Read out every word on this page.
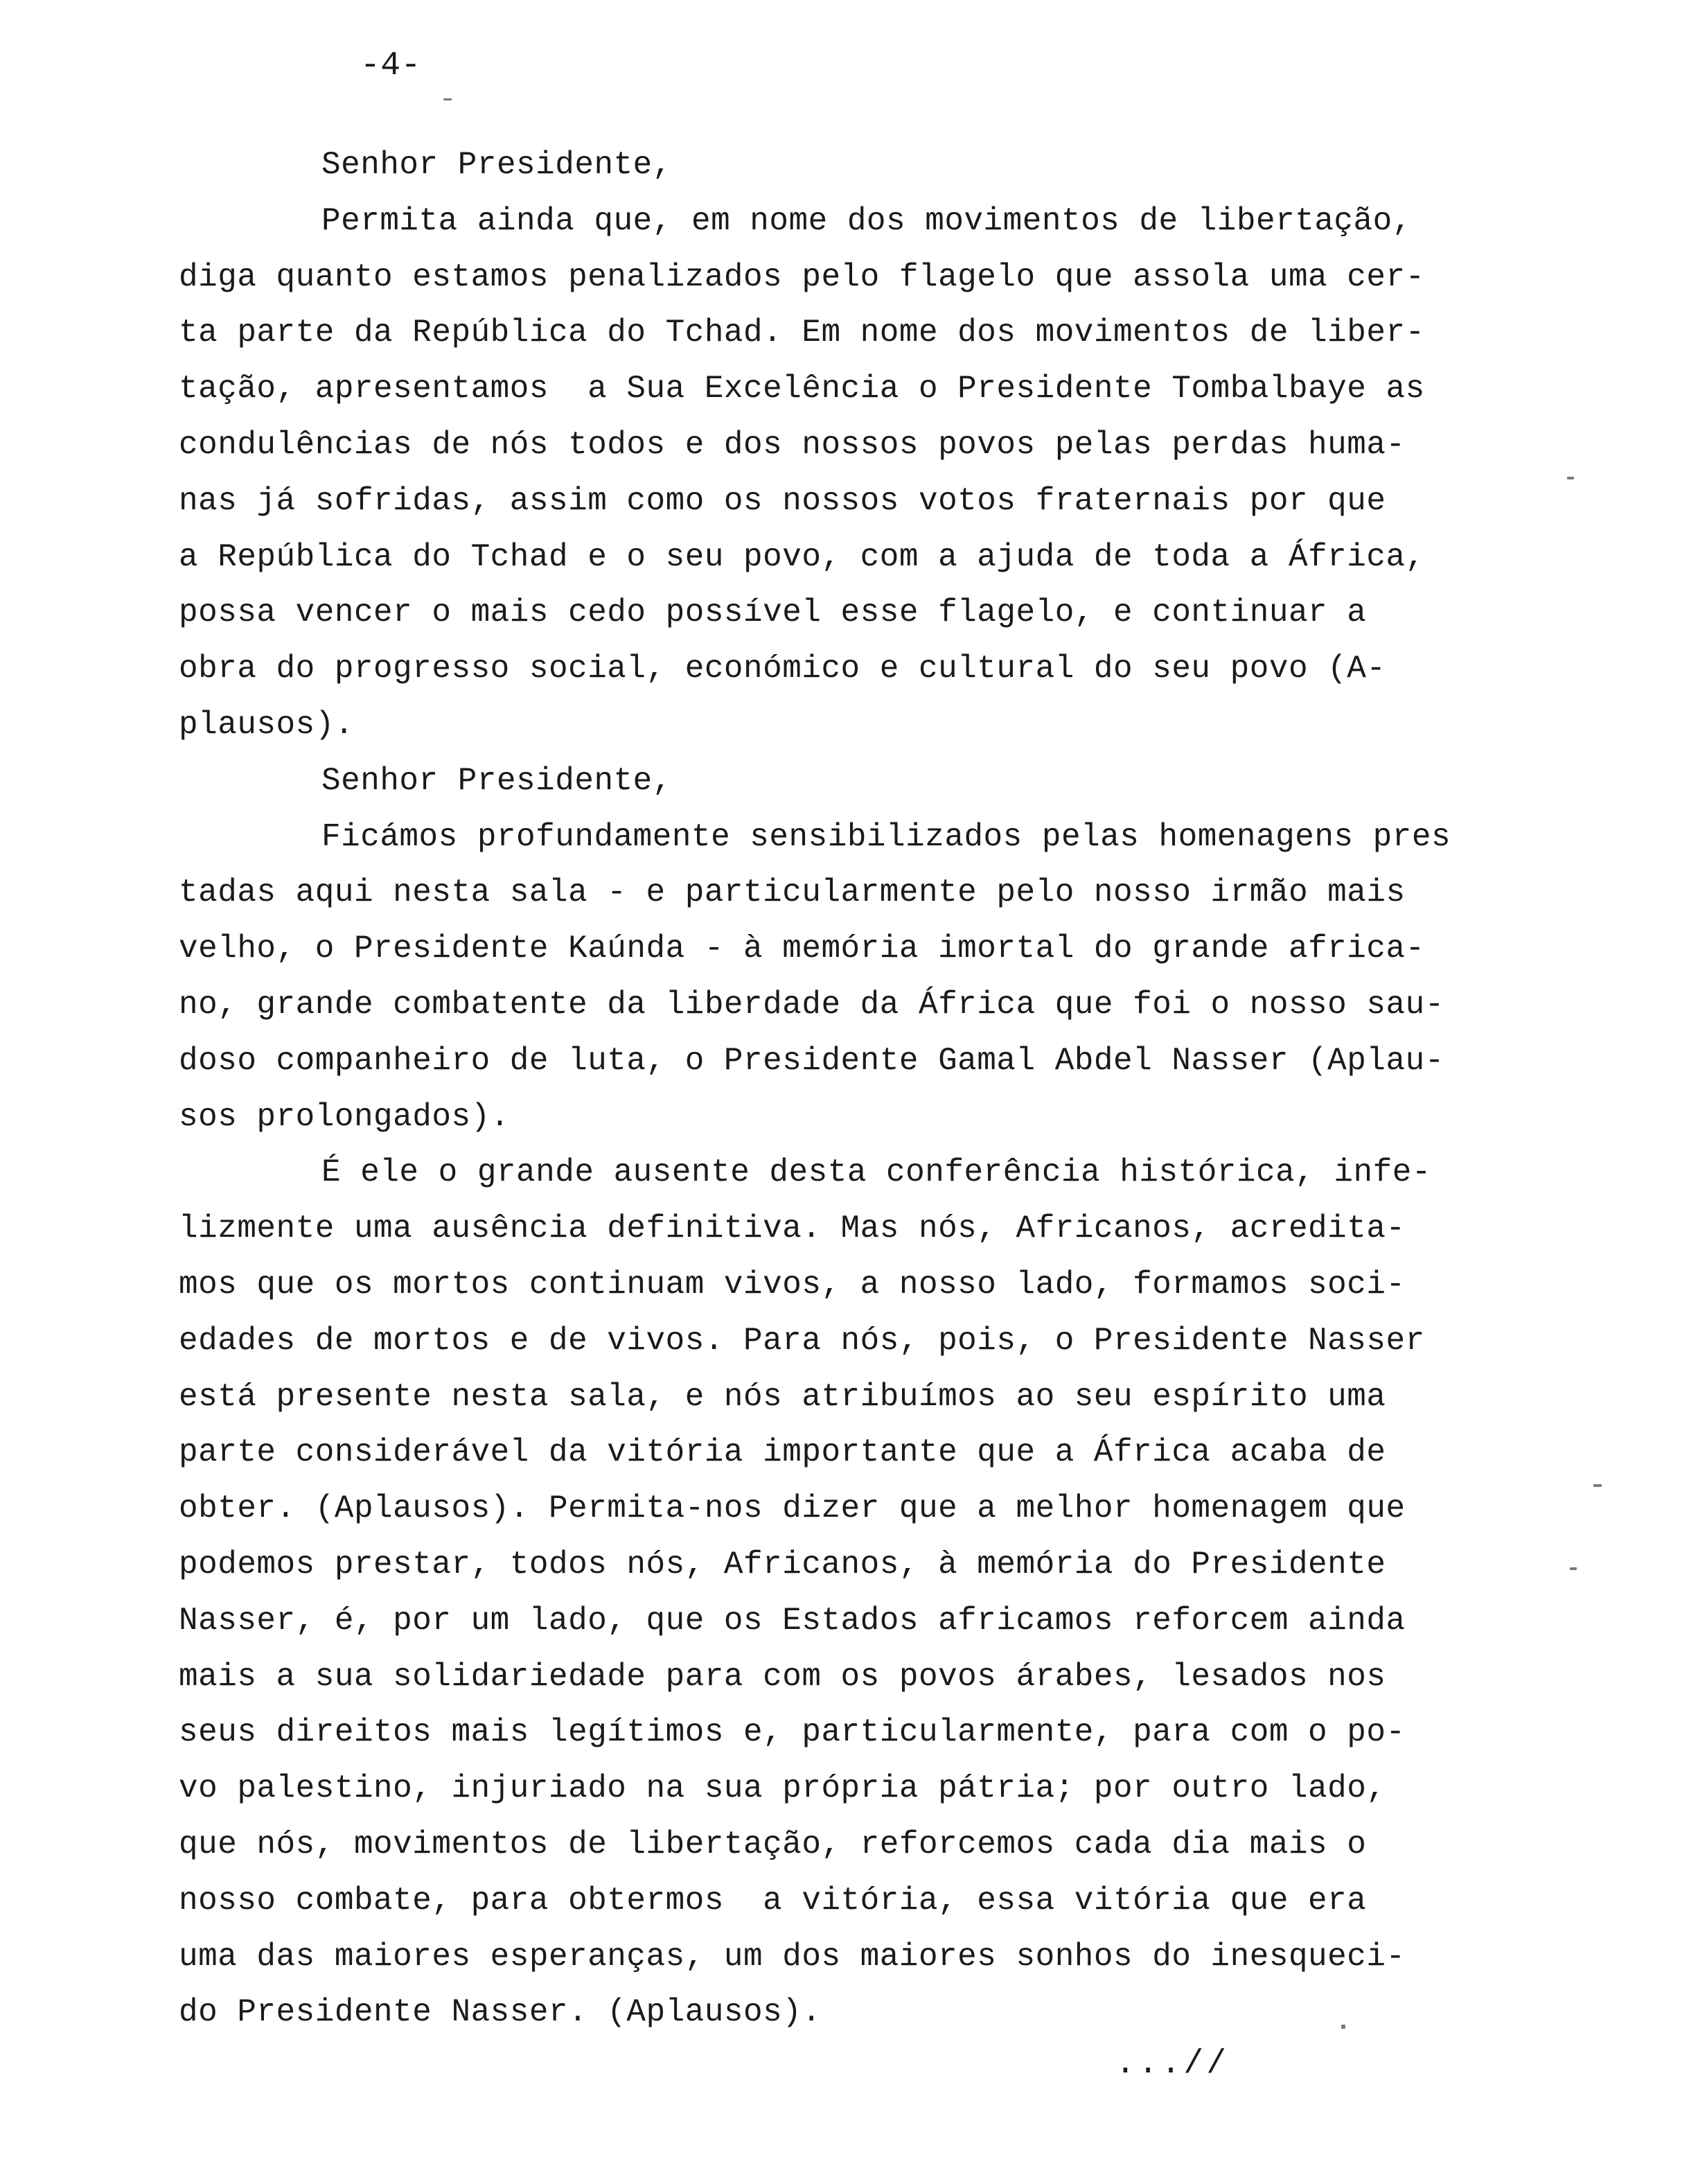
-4-
Senhor Presidente,
Permita ainda que, em nome dos movimentos de libertação,
diga quanto estamos penalizados pelo flagelo que assola uma cer-
ta parte da República do Tchad. Em nome dos movimentos de liber-
tação, apresentamos  a Sua Excelência o Presidente Tombalbaye as
condulências de nós todos e dos nossos povos pelas perdas huma-
nas já sofridas, assim como os nossos votos fraternais por que
a República do Tchad e o seu povo, com a ajuda de toda a África,
possa vencer o mais cedo possível esse flagelo, e continuar a
obra do progresso social, económico e cultural do seu povo (A-
plausos).
Senhor Presidente,
Ficámos profundamente sensibilizados pelas homenagens pres
tadas aqui nesta sala - e particularmente pelo nosso irmão mais
velho, o Presidente Kaúnda - à memória imortal do grande africa-
no, grande combatente da liberdade da África que foi o nosso sau-
doso companheiro de luta, o Presidente Gamal Abdel Nasser (Aplau-
sos prolongados).
É ele o grande ausente desta conferência histórica, infe-
lizmente uma ausência definitiva. Mas nós, Africanos, acredita-
mos que os mortos continuam vivos, a nosso lado, formamos soci-
edades de mortos e de vivos. Para nós, pois, o Presidente Nasser
está presente nesta sala, e nós atribuímos ao seu espírito uma
parte considerável da vitória importante que a África acaba de
obter. (Aplausos). Permita-nos dizer que a melhor homenagem que
podemos prestar, todos nós, Africanos, à memória do Presidente
Nasser, é, por um lado, que os Estados africamos reforcem ainda
mais a sua solidariedade para com os povos árabes, lesados nos
seus direitos mais legítimos e, particularmente, para com o po-
vo palestino, injuriado na sua própria pátria; por outro lado,
que nós, movimentos de libertação, reforcemos cada dia mais o
nosso combate, para obtermos  a vitória, essa vitória que era
uma das maiores esperanças, um dos maiores sonhos do inesqueci-
do Presidente Nasser. (Aplausos).
...//
